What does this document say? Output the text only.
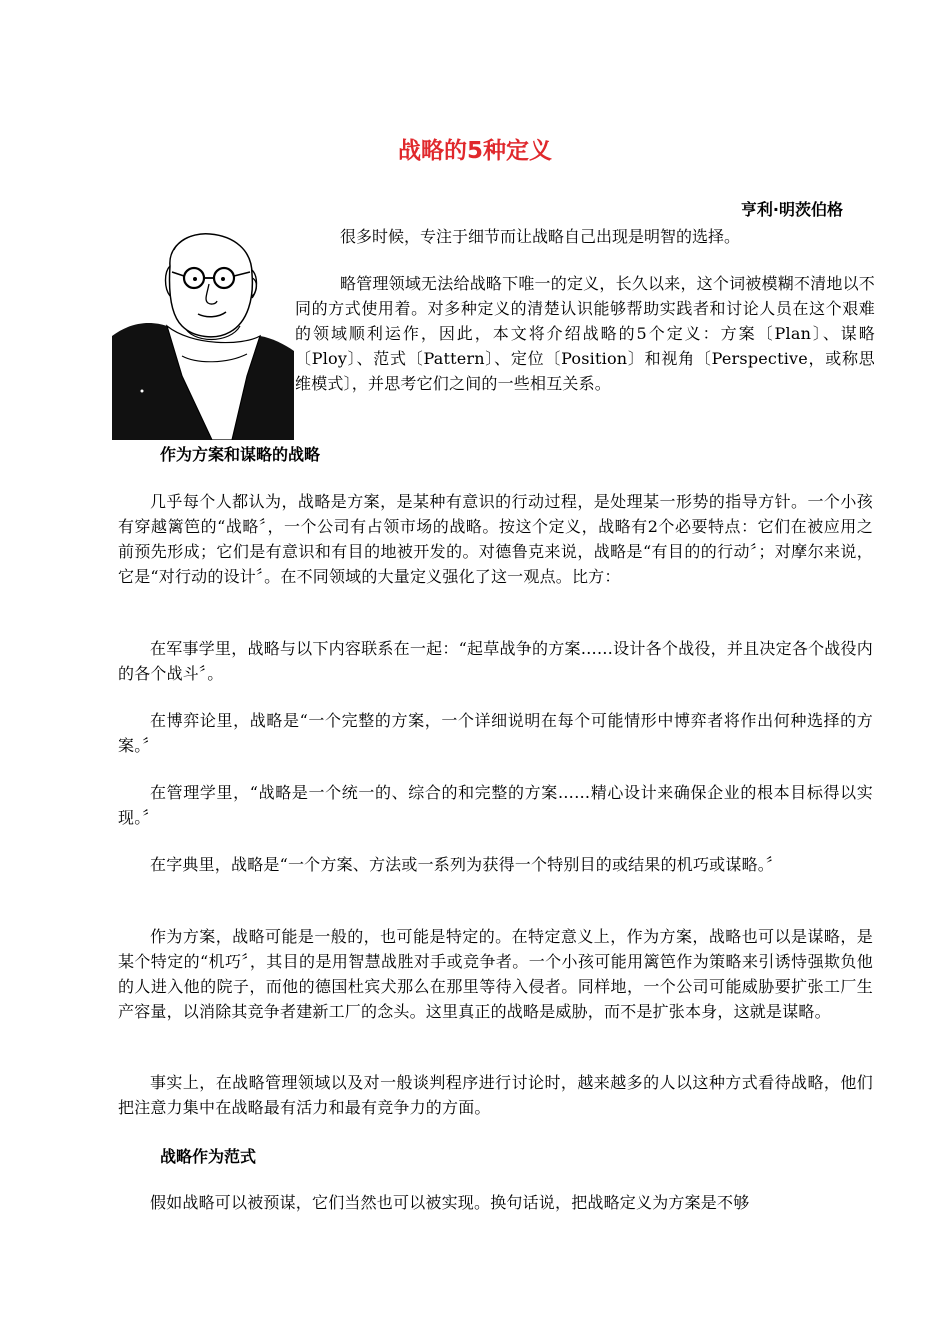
战略的5种定义
亨利·明茨伯格

很多时候，专注于细节而让战略自己出现是明智的选择。

略管理领域无法给战略下唯一的定义，长久以来，这个词被模糊不清地以不同的方式使用着。对多种定义的清楚认识能够帮助实践者和讨论人员在这个艰难的领域顺利运作，因此，本文将介绍战略的5个定义：方案〔Plan〕、谋略〔Ploy〕、范式〔Pattern〕、定位〔Position〕和视角〔Perspective，或称思维模式〕，并思考它们之间的一些相互关系。

作为方案和谋略的战略

几乎每个人都认为，战略是方案，是某种有意识的行动过程，是处理某一形势的指导方针。一个小孩有穿越篱笆的“战略〞，一个公司有占领市场的战略。按这个定义，战略有2个必要特点：它们在被应用之前预先形成；它们是有意识和有目的地被开发的。对德鲁克来说，战略是“有目的的行动〞；对摩尔来说，它是“对行动的设计〞。在不同领域的大量定义强化了这一观点。比方：

在军事学里，战略与以下内容联系在一起：“起草战争的方案……设计各个战役，并且决定各个战役内的各个战斗〞。

在博弈论里，战略是“一个完整的方案，一个详细说明在每个可能情形中博弈者将作出何种选择的方案。〞

在管理学里，“战略是一个统一的、综合的和完整的方案……精心设计来确保企业的根本目标得以实现。〞

在字典里，战略是“一个方案、方法或一系列为获得一个特别目的或结果的机巧或谋略。〞

作为方案，战略可能是一般的，也可能是特定的。在特定意义上，作为方案，战略也可以是谋略，是某个特定的“机巧〞，其目的是用智慧战胜对手或竞争者。一个小孩可能用篱笆作为策略来引诱恃强欺负他的人进入他的院子，而他的德国杜宾犬那么在那里等待入侵者。同样地，一个公司可能威胁要扩张工厂生产容量，以消除其竞争者建新工厂的念头。这里真正的战略是威胁，而不是扩张本身，这就是谋略。

事实上，在战略管理领域以及对一般谈判程序进行讨论时，越来越多的人以这种方式看待战略，他们把注意力集中在战略最有活力和最有竞争力的方面。

战略作为范式

假如战略可以被预谋，它们当然也可以被实现。换句话说，把战略定义为方案是不够
